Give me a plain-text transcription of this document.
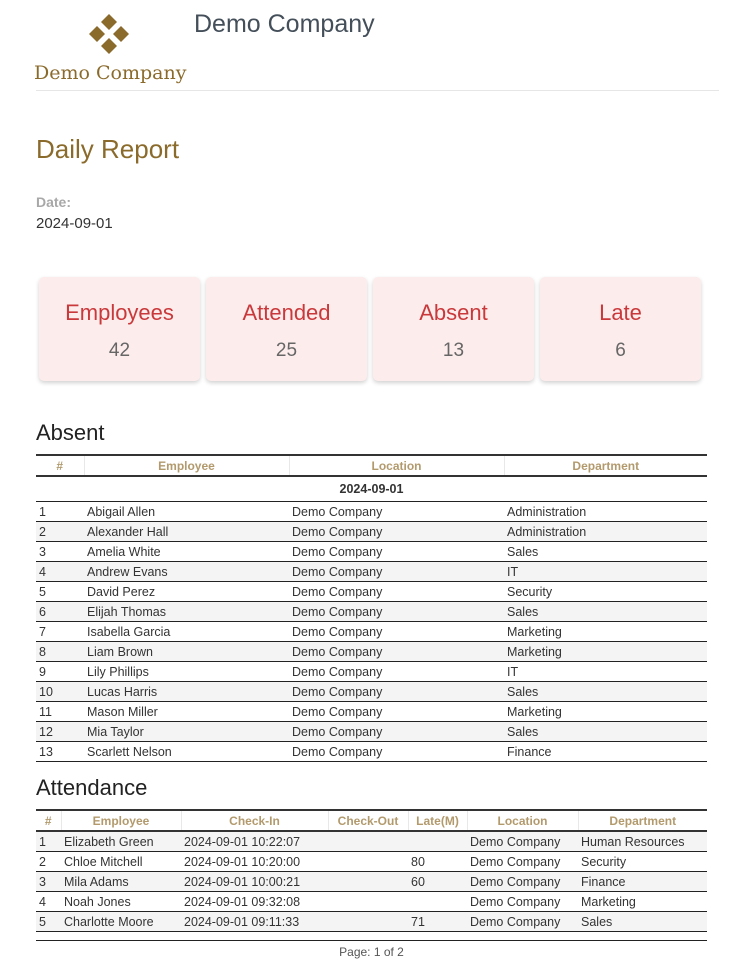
Demo Company
Demo Company
Daily Report
Date:
2024-09-01
Employees
42
Attended
25
Absent
13
Late
6
Absent
#	Employee	Location	Department
2024-09-01			
1	Abigail Allen	Demo Company	Administration
2	Alexander Hall	Demo Company	Administration
3	Amelia White	Demo Company	Sales
4	Andrew Evans	Demo Company	IT
5	David Perez	Demo Company	Security
6	Elijah Thomas	Demo Company	Sales
7	Isabella Garcia	Demo Company	Marketing
8	Liam Brown	Demo Company	Marketing
9	Lily Phillips	Demo Company	IT
10	Lucas Harris	Demo Company	Sales
11	Mason Miller	Demo Company	Marketing
12	Mia Taylor	Demo Company	Sales
13	Scarlett Nelson	Demo Company	Finance
Attendance
#	Employee	Check-In	Check-Out	Late(M)	Location	Department
1	Elizabeth Green	2024-09-01 10:22:07			Demo Company	Human Resources
2	Chloe Mitchell	2024-09-01 10:20:00		80	Demo Company	Security
3	Mila Adams	2024-09-01 10:00:21		60	Demo Company	Finance
4	Noah Jones	2024-09-01 09:32:08			Demo Company	Marketing
5	Charlotte Moore	2024-09-01 09:11:33		71	Demo Company	Sales
Page: 1 of 2
